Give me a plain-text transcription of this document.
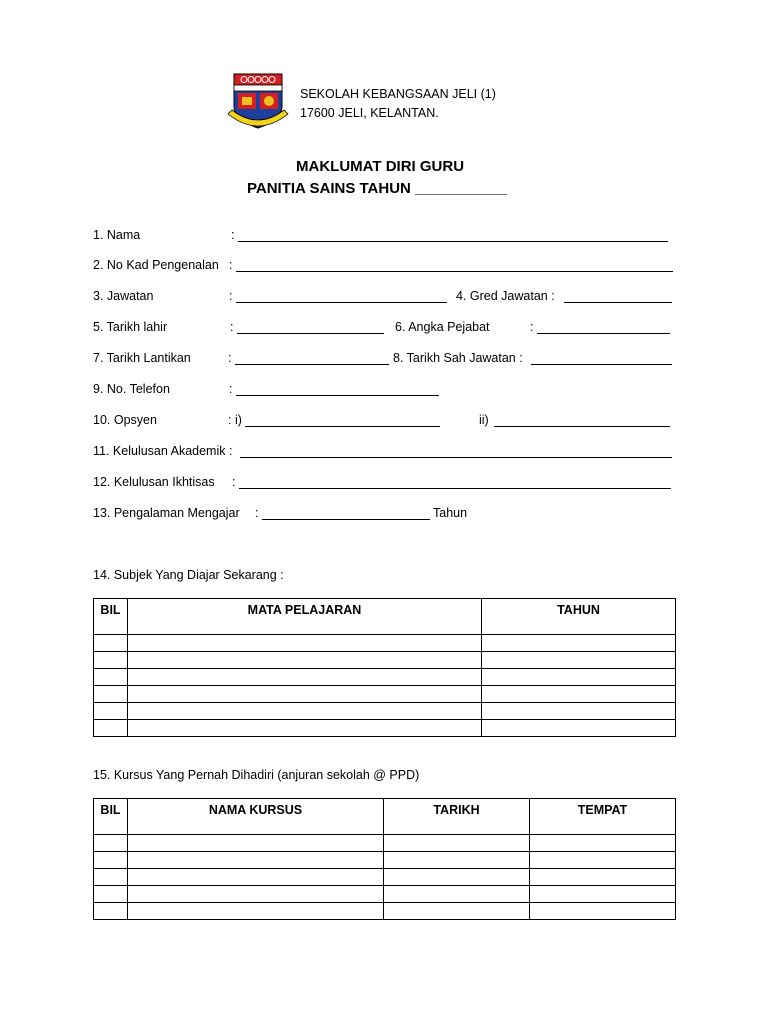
SEKOLAH KEBANGSAAN JELI (1)
17600 JELI, KELANTAN.
MAKLUMAT DIRI GURU
PANITIA SAINS TAHUN ___________
1. Nama	:
2. No Kad Pengenalan :
3. Jawatan	:	4. Gred Jawatan :
5. Tarikh lahir	:	6. Angka Pejabat	:
7. Tarikh Lantikan	:	8. Tarikh Sah Jawatan :
9. No. Telefon	:
10. Opsyen	: i)	ii)
11. Kelulusan Akademik :
12. Kelulusan Ikhtisas :
13. Pengalaman Mengajar :	Tahun
14. Subjek Yang Diajar Sekarang :
BIL	MATA PELAJARAN	TAHUN

15. Kursus Yang Pernah Dihadiri (anjuran sekolah @ PPD)
BIL	NAMA KURSUS	TARIKH	TEMPAT
